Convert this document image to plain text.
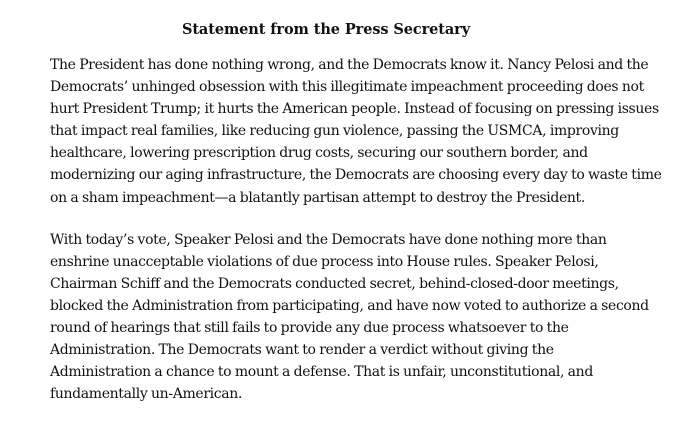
Statement from the Press Secretary

The President has done nothing wrong, and the Democrats know it. Nancy Pelosi and the
Democrats’ unhinged obsession with this illegitimate impeachment proceeding does not
hurt President Trump; it hurts the American people. Instead of focusing on pressing issues
that impact real families, like reducing gun violence, passing the USMCA, improving
healthcare, lowering prescription drug costs, securing our southern border, and
modernizing our aging infrastructure, the Democrats are choosing every day to waste time
on a sham impeachment—a blatantly partisan attempt to destroy the President.

With today’s vote, Speaker Pelosi and the Democrats have done nothing more than
enshrine unacceptable violations of due process into House rules. Speaker Pelosi,
Chairman Schiff and the Democrats conducted secret, behind-closed-door meetings,
blocked the Administration from participating, and have now voted to authorize a second
round of hearings that still fails to provide any due process whatsoever to the
Administration. The Democrats want to render a verdict without giving the
Administration a chance to mount a defense. That is unfair, unconstitutional, and
fundamentally un-American.
